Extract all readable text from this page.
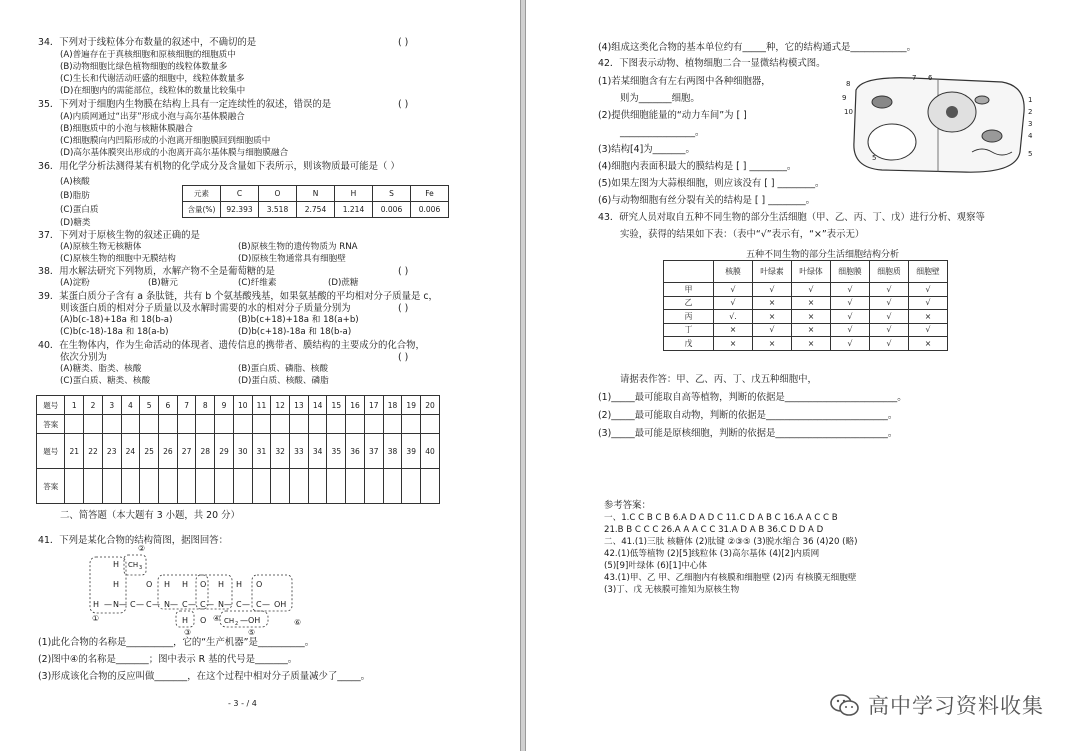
34．下列对于线粒体分布数量的叙述中，不确切的是	( )
(A)普遍存在于真核细胞和原核细胞的细胞质中
(B)动物细胞比绿色植物细胞的线粒体数量多
(C)生长和代谢活动旺盛的细胞中，线粒体数量多
(D)在细胞内的需能部位，线粒体的数量比较集中
35．下列对于细胞内生物膜在结构上具有一定连续性的叙述，错误的是	( )
(A)内质网通过“出芽”形成小泡与高尔基体膜融合
(B)细胞质中的小泡与核糖体膜融合
(C)细胞膜向内凹陷形成的小泡离开细胞膜回到细胞质中
(D)高尔基体膜突出形成的小泡离开高尔基体膜与细胞膜融合
36．用化学分析法测得某有机物的化学成分及含量如下表所示，则该物质最可能是（ ）
(A)核酸
(B)脂肪
(C)蛋白质
(D)糖类
元素	C	O	N	H	S	Fe
含量(%)	92.393	3.518	2.754	1.214	0.006	0.006
37．下列对于原核生物的叙述正确的是
(A)原核生物无核糖体	(B)原核生物的遗传物质为 RNA
(C)原核生物的细胞中无膜结构	(D)原核生物通常具有细胞壁
38．用水解法研究下列物质，水解产物不全是葡萄糖的是	( )
(A)淀粉	(B)糖元	(C)纤维素	(D)蔗糖
39．某蛋白质分子含有 a 条肽链，共有 b 个氨基酸残基，如果氨基酸的平均相对分子质量是 c，
则该蛋白质的相对分子质量以及水解时需要的水的相对分子质量分别为	( )
(A)b(c-18)+18a 和 18(b-a)	(B)b(c+18)+18a 和 18(a+b)
(C)b(c-18)-18a 和 18(a-b)	(D)b(c+18)-18a 和 18(b-a)
40．在生物体内，作为生命活动的体现者、遗传信息的携带者、膜结构的主要成分的化合物，
依次分别为	( )
(A)糖类、脂类、核酸	(B)蛋白质、磷脂、核酸
(C)蛋白质、糖类、核酸	(D)蛋白质、核酸、磷脂
题号	1	2	3	4	5	6	7	8	9	10	11	12	13	14	15	16	17	18	19	20
答案																				
题号	21	22	23	24	25	26	27	28	29	30	31	32	33	34	35	36	37	38	39	40
答案																				
二、简答题（本大题有 3 小题，共 20 分）
41．下列是某化合物的结构简图，据图回答：
H
H
H — N — C — C — N — C — C — N — C — C — OH
CH 3
O H H O H H O
H O	CH 2 —OH
②
①
③
④
⑤
⑥
(1)此化合物的名称是__________，它的“生产机器”是__________。
(2)图中④的名称是_______；图中表示 R 基的代号是_______。
(3)形成该化合物的反应叫做_______，在这个过程中相对分子质量减少了_____。
- 3 - / 4
(4)组成这类化合物的基本单位约有_____种，它的结构通式是____________。
42．下图表示动物、植物细胞二合一显微结构模式图。
(1)若某细胞含有左右两图中各种细胞器，
则为_______细胞。
(2)提供细胞能量的“动力车间”为 [ ]
________________。
(3)结构[4]为_______。
(4)细胞内表面积最大的膜结构是 [ ] ________。
(5)如果左图为大蒜根细胞，则应该没有 [ ] ________。
(6)与动物细胞有丝分裂有关的结构是 [ ] ________。
8
9
10
1
2
3
4
5
5
7 6
43．研究人员对取自五种不同生物的部分生活细胞（甲、乙、丙、丁、戊）进行分析、观察等
实验，获得的结果如下表：（表中“√”表示有，“×”表示无）
五种不同生物的部分生活细胞结构分析
	核膜	叶绿素	叶绿体	细胞膜	细胞质	细胞壁
甲	√	√	√	√	√	√
乙	√	×	×	√	√	√
丙	√.	×	×	√	√	×
丁	×	√	×	√	√	√
戊	×	×	×	√	√	×
请据表作答：甲、乙、丙、丁、戊五种细胞中，
(1)_____最可能取自高等植物，判断的依据是________________________。
(2)_____最可能取自动物，判断的依据是__________________________。
(3)_____最可能是原核细胞，判断的依据是________________________。
参考答案：
一、1.C C B C B 6.A D A D C 11.C D A B C 16.A A C C B
21.B B C C C 26.A A A C C 31.A D A B 36.C D D A D
二、41.(1)三肽 核糖体 (2)肽键 ②③⑤ (3)脱水缩合 36 (4)20 (略)
42.(1)低等植物 (2)[5]线粒体 (3)高尔基体 (4)[2]内质网
(5)[9]叶绿体 (6)[1]中心体
43.(1)甲、乙 甲、乙细胞内有核膜和细胞壁 (2)丙 有核膜无细胞壁
(3)丁、戊 无核膜可推知为原核生物
高中学习资料收集
